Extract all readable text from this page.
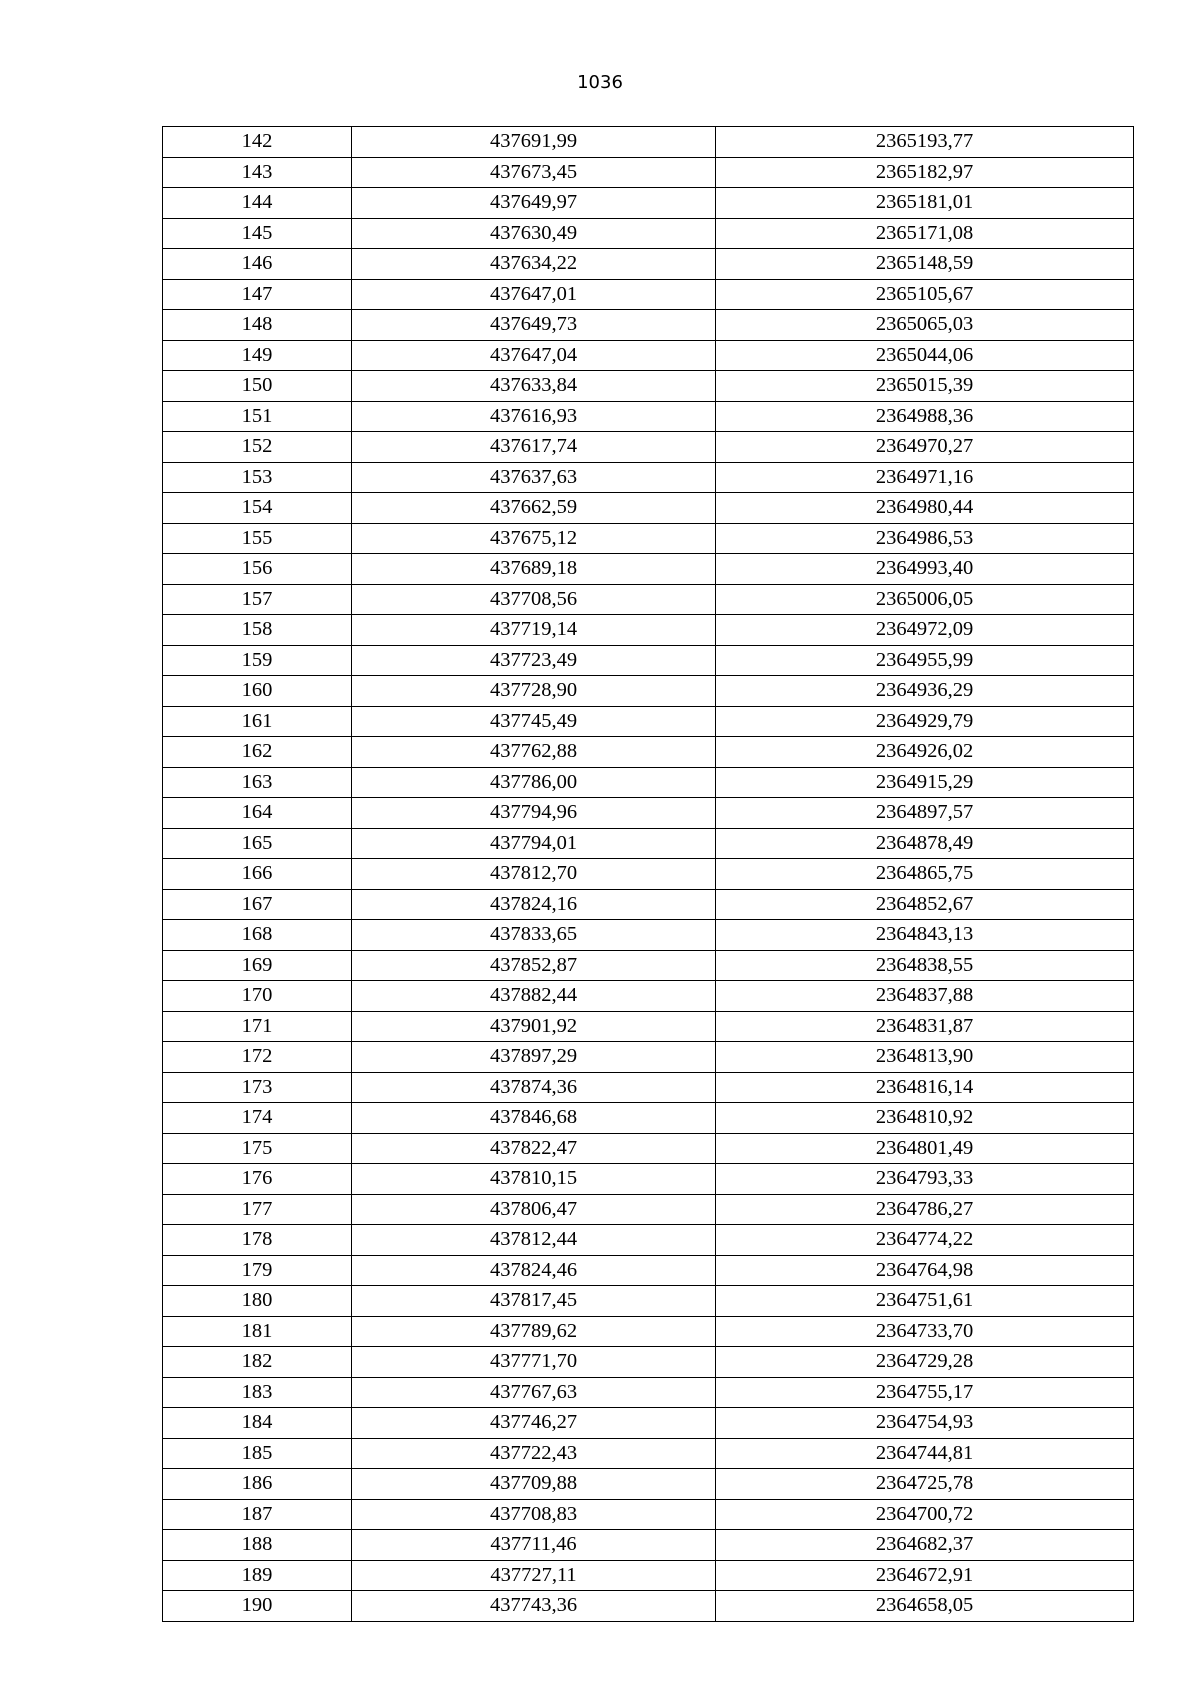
1036
142	437691,99	2365193,77
143	437673,45	2365182,97
144	437649,97	2365181,01
145	437630,49	2365171,08
146	437634,22	2365148,59
147	437647,01	2365105,67
148	437649,73	2365065,03
149	437647,04	2365044,06
150	437633,84	2365015,39
151	437616,93	2364988,36
152	437617,74	2364970,27
153	437637,63	2364971,16
154	437662,59	2364980,44
155	437675,12	2364986,53
156	437689,18	2364993,40
157	437708,56	2365006,05
158	437719,14	2364972,09
159	437723,49	2364955,99
160	437728,90	2364936,29
161	437745,49	2364929,79
162	437762,88	2364926,02
163	437786,00	2364915,29
164	437794,96	2364897,57
165	437794,01	2364878,49
166	437812,70	2364865,75
167	437824,16	2364852,67
168	437833,65	2364843,13
169	437852,87	2364838,55
170	437882,44	2364837,88
171	437901,92	2364831,87
172	437897,29	2364813,90
173	437874,36	2364816,14
174	437846,68	2364810,92
175	437822,47	2364801,49
176	437810,15	2364793,33
177	437806,47	2364786,27
178	437812,44	2364774,22
179	437824,46	2364764,98
180	437817,45	2364751,61
181	437789,62	2364733,70
182	437771,70	2364729,28
183	437767,63	2364755,17
184	437746,27	2364754,93
185	437722,43	2364744,81
186	437709,88	2364725,78
187	437708,83	2364700,72
188	437711,46	2364682,37
189	437727,11	2364672,91
190	437743,36	2364658,05
